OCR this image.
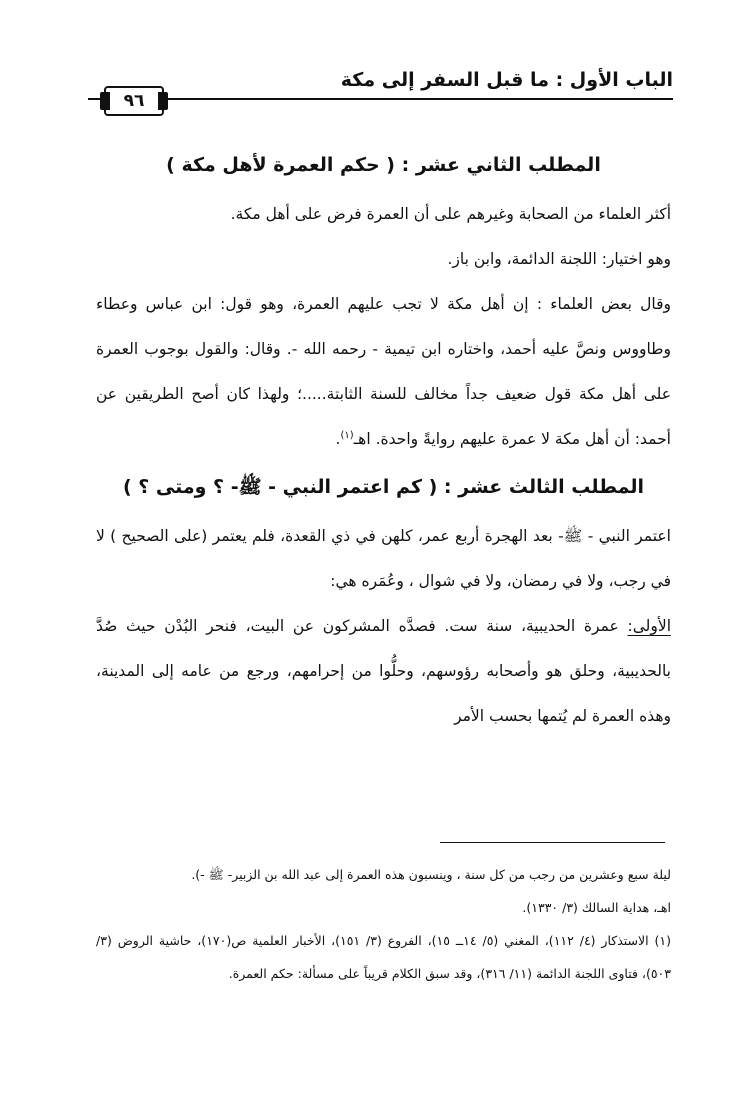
الباب الأول : ما قبل السفر إلى مكة
٩٦
المطلب الثاني عشر : ( حكم العمرة لأهل مكة )

أكثر العلماء من الصحابة وغيرهم على أن العمرة فرض على أهل مكة.

وهو اختيار: اللجنة الدائمة، وابن باز.

وقال بعض العلماء : إن أهل مكة لا تجب عليهم العمرة، وهو قول: ابن عباس وعطاء وطاووس ونصَّ عليه أحمد، واختاره ابن تيمية - رحمه الله -. وقال: والقول بوجوب العمرة على أهل مكة قول ضعيف جداً مخالف للسنة الثابتة.....؛ ولهذا كان أصح الطريقين عن أحمد: أن أهل مكة لا عمرة عليهم روايةً واحدة. اهـ$^{(١)}$.

المطلب الثالث عشر : ( كم اعتمر النبي - ﷺ- ؟ ومتى ؟ )

اعتمر النبي - ﷺ- بعد الهجرة أربع عمر، كلهن في ذي القعدة، فلم يعتمر (على الصحيح ) لا في رجب، ولا في رمضان، ولا في شوال ، وعُمَره هي:

الأولى: عمرة الحديبية، سنة ست. فصدَّه المشركون عن البيت، فنحر البُدْن حيث صُدَّ بالحديبية، وحلق هو وأصحابه رؤوسهم، وحلُّوا من إحرامهم، ورجع من عامه إلى المدينة، وهذه العمرة لم يُتمها بحسب الأمر

ليلة سبع وعشرين من رجب من كل سنة ، وينسبون هذه العمرة إلى عبد الله بن الزبير- ﷺ -).

اهـ، هداية السالك (٣/ ١٣٣٠).

(١) الاستذكار (٤/ ١١٢)، المغني (٥/ ١٤ــ ١٥)، الفروع (٣/ ١٥١)، الأخبار العلمية ص(١٧٠)، حاشية الروض (٣/ ٥٠٣)، فتاوى اللجنة الدائمة (١١/ ٣١٦)، وقد سبق الكلام قريباً على مسألة: حكم العمرة.
